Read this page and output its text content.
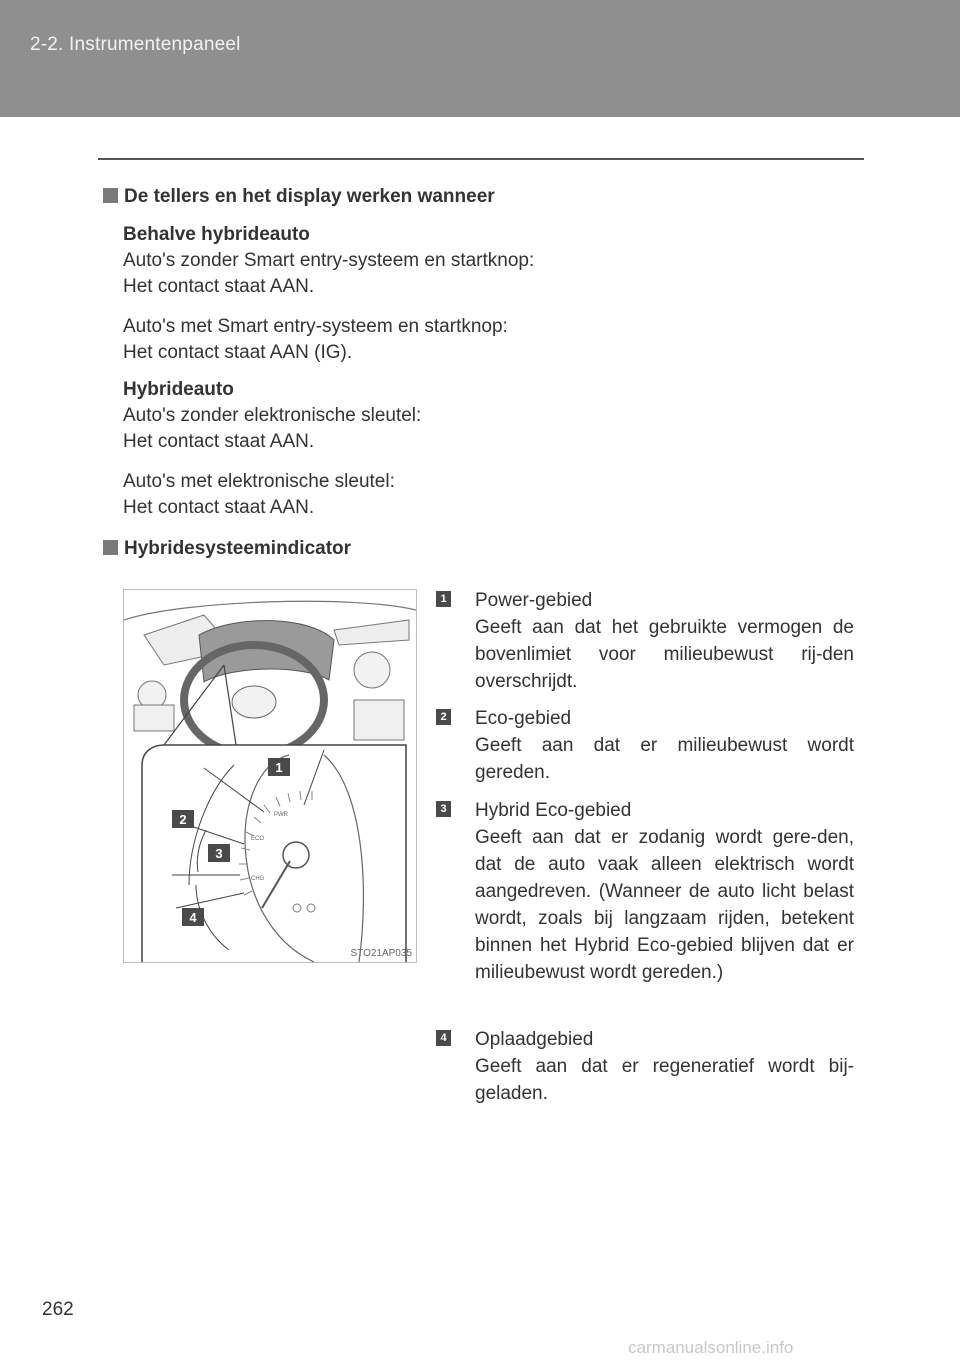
2-2. Instrumentenpaneel
De tellers en het display werken wanneer
Behalve hybrideauto
Auto's zonder Smart entry-systeem en startknop:
Het contact staat AAN.
Auto's met Smart entry-systeem en startknop:
Het contact staat AAN (IG).
Hybrideauto
Auto's zonder elektronische sleutel:
Het contact staat AAN.
Auto's met elektronische sleutel:
Het contact staat AAN.
Hybridesysteemindicator
1
2
3
4
PWR
ECO
CHG
STO21AP035
1 Power-gebied
Geeft aan dat het gebruikte vermogen de bovenlimiet voor milieubewust rij-den overschrijdt.
2 Eco-gebied
Geeft aan dat er milieubewust wordt gereden.
3 Hybrid Eco-gebied
Geeft aan dat er zodanig wordt gere-den, dat de auto vaak alleen elektrisch wordt aangedreven. (Wanneer de auto licht belast wordt, zoals bij langzaam rijden, betekent binnen het Hybrid Eco-gebied blijven dat er milieubewust wordt gereden.)
4 Oplaadgebied
Geeft aan dat er regeneratief wordt bij-geladen.
262
carmanualsonline.info
